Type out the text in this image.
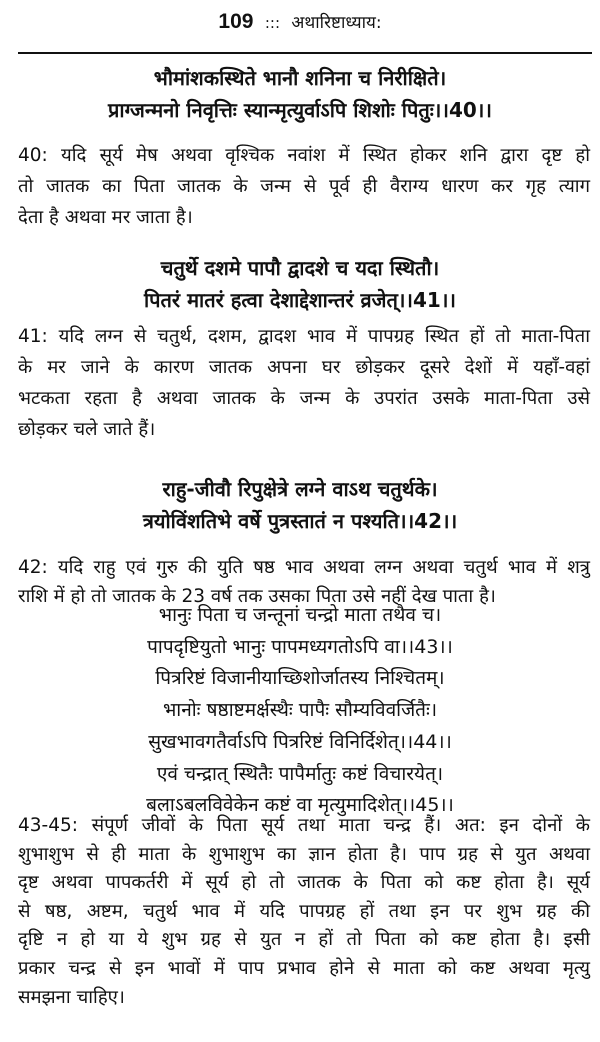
109 ::: अथारिष्टाध्याय:
भौमांशकस्थिते भानौ शनिना च निरीक्षिते।
प्राग्जन्मनो निवृत्तिः स्यान्मृत्युर्वाऽपि शिशोः पितुः।।40।।
40: यदि सूर्य मेष अथवा वृश्चिक नवांश में स्थित होकर शनि द्वारा दृष्ट हो
तो जातक का पिता जातक के जन्म से पूर्व ही वैराग्य धारण कर गृह त्याग
देता है अथवा मर जाता है।
चतुर्थे दशमे पापौ द्वादशे च यदा स्थितौ।
पितरं मातरं हत्वा देशाद्देशान्तरं व्रजेत्।।41।।
41: यदि लग्न से चतुर्थ, दशम, द्वादश भाव में पापग्रह स्थित हों तो माता-पिता
के मर जाने के कारण जातक अपना घर छोड़कर दूसरे देशों में यहाँ-वहां
भटकता रहता है अथवा जातक के जन्म के उपरांत उसके माता-पिता उसे
छोड़कर चले जाते हैं।
राहु-जीवौ रिपुक्षेत्रे लग्ने वाऽथ चतुर्थके।
त्रयोविंशतिभे वर्षे पुत्रस्तातं न पश्यति।।42।।
42: यदि राहु एवं गुरु की युति षष्ठ भाव अथवा लग्न अथवा चतुर्थ भाव में शत्रु
राशि में हो तो जातक के 23 वर्ष तक उसका पिता उसे नहीं देख पाता है।
भानुः पिता च जन्तूनां चन्द्रो माता तथैव च।
पापदृष्टियुतो भानुः पापमध्यगतोऽपि वा।।43।।
पित्ररिष्टं विजानीयाच्छिशोर्जातस्य निश्चितम्।
भानोः षष्ठाष्टमर्क्षस्थैः पापैः सौम्यविवर्जितैः।
सुखभावगतैर्वाऽपि पित्ररिष्टं विनिर्दिशेत्।।44।।
एवं चन्द्रात् स्थितैः पापैर्मातुः कष्टं विचारयेत्।
बलाऽबलविवेकेन कष्टं वा मृत्युमादिशेत्।।45।।
43-45: संपूर्ण जीवों के पिता सूर्य तथा माता चन्द्र हैं। अत: इन दोनों के
शुभाशुभ से ही माता के शुभाशुभ का ज्ञान होता है। पाप ग्रह से युत अथवा
दृष्ट अथवा पापकर्तरी में सूर्य हो तो जातक के पिता को कष्ट होता है। सूर्य
से षष्ठ, अष्टम, चतुर्थ भाव में यदि पापग्रह हों तथा इन पर शुभ ग्रह की
दृष्टि न हो या ये शुभ ग्रह से युत न हों तो पिता को कष्ट होता है। इसी
प्रकार चन्द्र से इन भावों में पाप प्रभाव होने से माता को कष्ट अथवा मृत्यु
समझना चाहिए।
